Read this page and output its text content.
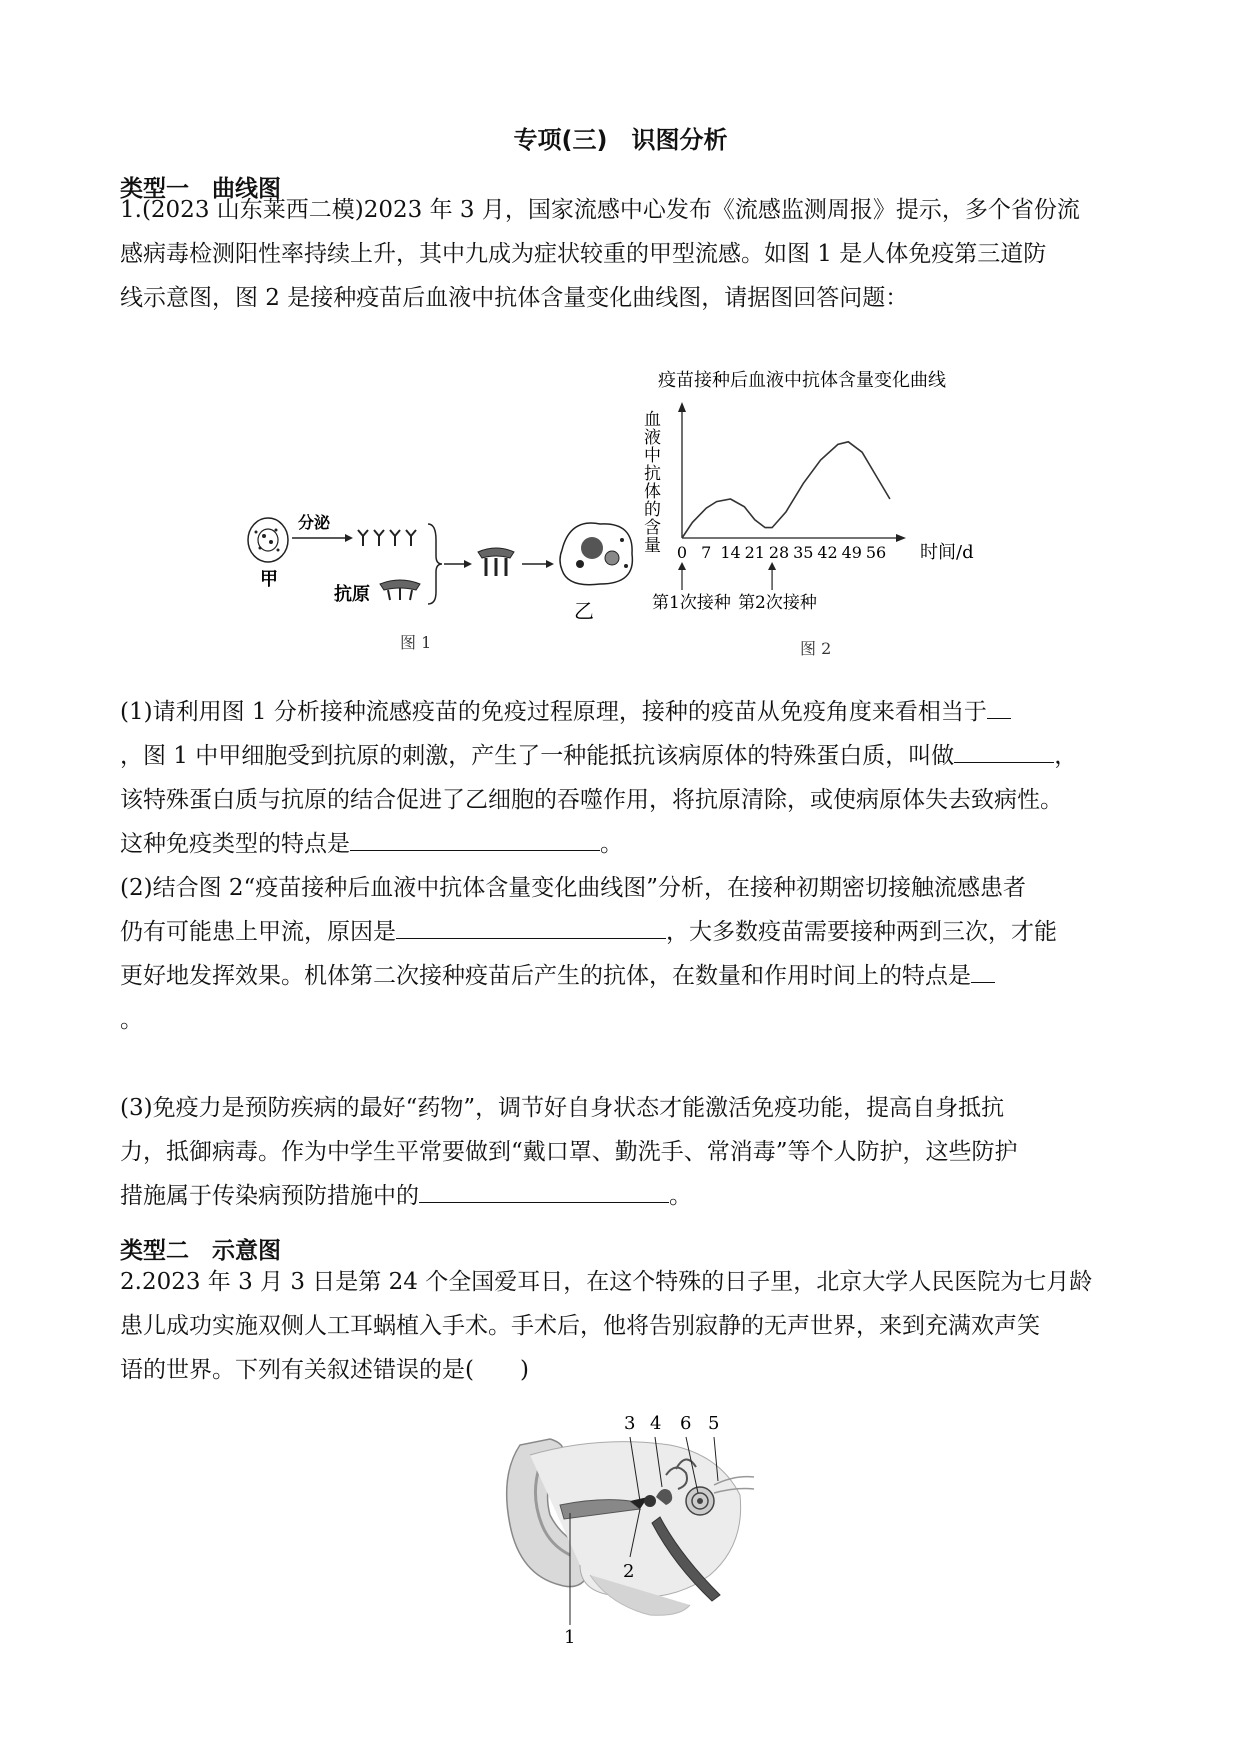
专项(三)　识图分析
类型一　曲线图
1.(2023 山东莱西二模)2023 年 3 月，国家流感中心发布《流感监测周报》提示，多个省份流
感病毒检测阳性率持续上升，其中九成为症状较重的甲型流感。如图 1 是人体免疫第三道防
线示意图，图 2 是接种疫苗后血液中抗体含量变化曲线图，请据图回答问题：
甲
分泌
抗原
乙
图 1
疫苗接种后血液中抗体含量变化曲线
血液中抗体的含量 0 7 14 21 28 35 42 49 56 时间/d
第1次接种 第2次接种
图 2
(1)请利用图 1 分析接种流感疫苗的免疫过程原理，接种的疫苗从免疫角度来看相当于
，图 1 中甲细胞受到抗原的刺激，产生了一种能抵抗该病原体的特殊蛋白质，叫做	，
该特殊蛋白质与抗原的结合促进了乙细胞的吞噬作用，将抗原清除，或使病原体失去致病性。
这种免疫类型的特点是	。
(2)结合图 2“疫苗接种后血液中抗体含量变化曲线图”分析，在接种初期密切接触流感患者
仍有可能患上甲流，原因是	，大多数疫苗需要接种两到三次，才能
更好地发挥效果。机体第二次接种疫苗后产生的抗体，在数量和作用时间上的特点是
。
(3)免疫力是预防疾病的最好“药物”，调节好自身状态才能激活免疫功能，提高自身抵抗
力，抵御病毒。作为中学生平常要做到“戴口罩、勤洗手、常消毒”等个人防护，这些防护
措施属于传染病预防措施中的	。
类型二　示意图
2.2023 年 3 月 3 日是第 24 个全国爱耳日，在这个特殊的日子里，北京大学人民医院为七月龄
患儿成功实施双侧人工耳蜗植入手术。手术后，他将告别寂静的无声世界，来到充满欢声笑
语的世界。下列有关叙述错误的是(　　)
1
2
3 4 6 5
